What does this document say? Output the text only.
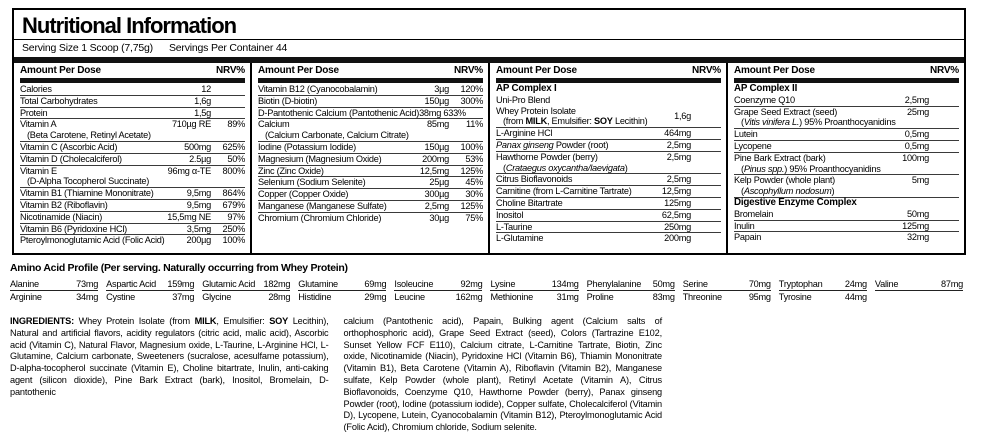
Nutritional Information
Serving Size 1 Scoop (7,75g) Servings Per Container 44
Amount Per Dose	NRV%
Calories	12
Total Carbohydrates	1,6g
Protein	1,5g
Vitamin A
(Beta Carotene, Retinyl Acetate)
710µg RE	89%
Vitamin C (Ascorbic Acid)	500mg	625%
Vitamin D (Cholecalciferol)	2.5µg	50%
Vitamin E
(D-Alpha Tocopherol Succinate)
96mg α-TE	800%
Vitamin B1 (Thiamine Mononitrate)	9,5mg	864%
Vitamin B2 (Riboflavin)	9,5mg	679%
Nicotinamide (Niacin)	15,5mg NE	97%
Vitamin B6 (Pyridoxine HCl)	3,5mg	250%
Pteroylmonoglutamic Acid (Folic Acid)	200µg	100%
Amount Per Dose	NRV%
Vitamin B12 (Cyanocobalamin)	3µg	120%
Biotin (D-biotin)	150µg	300%
D-Pantothenic Calcium (Pantothenic Acid)38mg 633%
Calcium
(Calcium Carbonate, Calcium Citrate)
85mg	11%
Iodine (Potassium Iodide)	150µg	100%
Magnesium (Magnesium Oxide)	200mg	53%
Zinc (Zinc Oxide)	12,5mg	125%
Selenium (Sodium Selenite)	25µg	45%
Copper (Copper Oxide)	300µg	30%
Manganese (Manganese Sulfate)	2,5mg	125%
Chromium (Chromium Chloride)	30µg	75%
Amount Per Dose	NRV%
AP Complex I
Uni-Pro Blend
Whey Protein Isolate
(from MILK, Emulsifier: SOY Lecithin)
1,6g
L-Arginine HCl	464mg
Panax ginseng Powder (root)	2,5mg
Hawthorne Powder (berry)
(Crataegus oxycantha/laevigata)
2,5mg
Citrus Bioflavonoids	2,5mg
Carnitine (from L-Carnitine Tartrate)	12,5mg
Choline Bitartrate	125mg
Inositol	62,5mg
L-Taurine	250mg
L-Glutamine	200mg
Amount Per Dose	NRV%
AP Complex II
Coenzyme Q10	2,5mg
Grape Seed Extract (seed)
(Vitis vinifera L.) 95% Proanthocyanidins
25mg
Lutein	0,5mg
Lycopene	0,5mg
Pine Bark Extract (bark)
(Pinus spp.) 95% Proanthocyanidins
100mg
Kelp Powder (whole plant)
(Ascophyllum nodosum)
5mg
Digestive Enzyme Complex
Bromelain	50mg
Inulin	125mg
Papain	32mg
Amino Acid Profile (Per serving. Naturally occurring from Whey Protein)
Alanine	73mg
Arginine	34mg
Aspartic Acid 159mg
Cystine	37mg
Glutamic Acid 182mg
Glycine	28mg
Glutamine	69mg
Histidine	29mg
Isoleucine	92mg
Leucine	162mg
Lysine	134mg
Methionine	31mg
Phenylalanine 50mg
Proline	83mg
Serine	70mg
Threonine	95mg
Tryptophan 24mg
Tyrosine	44mg
Valine	87mg
INGREDIENTS: Whey Protein Isolate (from MILK, Emulsifier: SOY Lecithin), Natural and artificial flavors, acidity regulators (citric acid, malic acid), Ascorbic acid (Vitamin C), Natural Flavor, Magnesium oxide, L-Taurine, L-Arginine HCl, L-Glutamine, Calcium carbonate, Sweeteners (sucralose, acesulfame potassium), D-alpha-tocopherol succinate (Vitamin E), Choline bitartrate, Inulin, anti-caking agent (silicon dioxide), Pine Bark Extract (bark), Inositol, Bromelain, D-pantothenic
calcium (Pantothenic acid), Papain, Bulking agent (Calcium salts of orthophosphoric acid), Grape Seed Extract (seed), Colors (Tartrazine E102, Sunset Yellow FCF E110), Calcium citrate, L-Carnitine Tartrate, Biotin, Zinc oxide, Nicotinamide (Niacin), Pyridoxine HCl (Vitamin B6), Thiamin Mononitrate (Vitamin B1), Beta Carotene (Vitamin A), Riboflavin (Vitamin B2), Manganese sulfate, Kelp Powder (whole plant), Retinyl Acetate (Vitamin A), Citrus Bioflavonoids, Coenzyme Q10, Hawthorne Powder (berry), Panax ginseng Powder (root), Iodine (potassium iodide), Copper sulfate, Cholecalciferol (Vitamin D), Lycopene, Lutein, Cyanocobalamin (Vitamin B12), Pteroylmonoglutamic Acid (Folic Acid), Chromium chloride, Sodium selenite.
